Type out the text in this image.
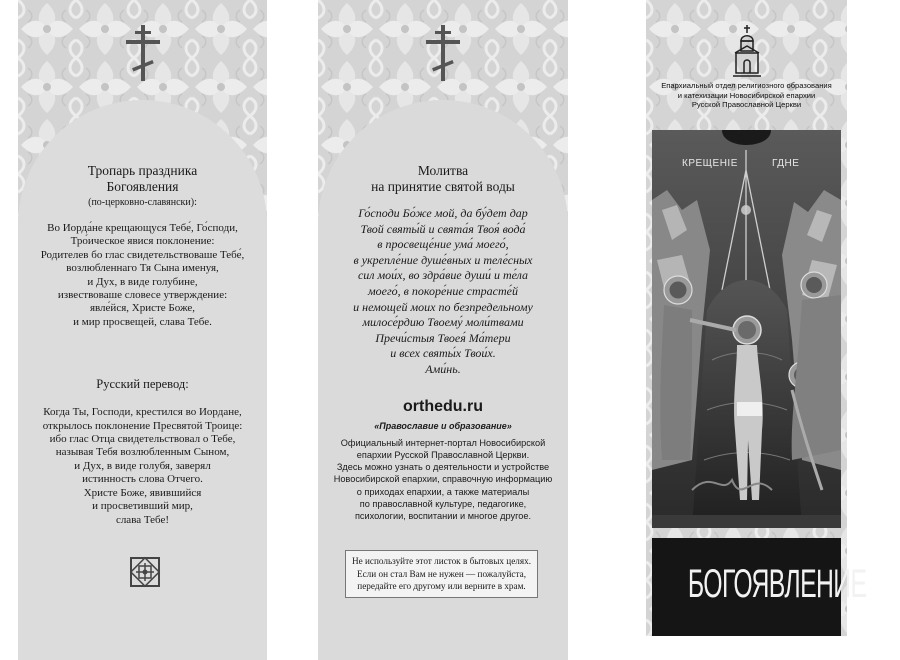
Тропарь праздника
Богоявления
(по-церковно-славянски):
Во Иорда́не крещающуся Тебе́, Го́споди,
Тро́ическое явися поклонение:
Родителев бо глас свидетельствоваше Тебе́,
возлюбленнаго Тя Сына именуя,
и Дух, в виде голубине,
извествоваше словесе утверждение:
явле́йся, Христе Боже,
и мир просвещей, слава Тебе.
Русский перевод:
Когда Ты, Господи, крестился во Иордане,
открылось поклонение Пресвятой Троице:
ибо глас Отца свидетельствовал о Тебе,
называя Тебя возлюбленным Сыном,
и Дух, в виде голубя, заверял
истинность слова Отчего.
Христе Боже, явившийся
и просветивший мир,
слава Тебе!
Молитва
на принятие святой воды
Го́споди Бо́же мой, да бу́дет дар
Твой святы́й и свята́я Твоя́ вода́
в просвеще́ние ума́ моего́,
в укрепле́ние душе́вных и теле́сных
сил мои́х, во здра́вие души́ и те́ла
моего́, в покоре́ние страсте́й
и немощей моих по безпредельному
милосе́рдию Твоему́ моли́твами
Пречи́стыя Твоея́ Ма́тери
и всех святы́х Твои́х.
Ами́нь.
orthedu.ru
«Православие и образование»
Официальный интернет-портал Новосибирской
епархии Русской Православной Церкви.
Здесь можно узнать о деятельности и устройстве
Новосибирской епархии, справочную информацию
о приходах епархии, а также материалы
по православной культуре, педагогике,
психологии, воспитании и многое другое.
Не используйте этот листок в бытовых целях.
Если он стал Вам не нужен — пожалуйста,
передайте его другому или верните в храм.
Епархиальный отдел религиозного образования
и катехизации Новосибирской епархии
Русской Православной Церкви
КРЕЩЕНІЕ	ГДНЕ
БОГОЯВЛЕНИЕ
